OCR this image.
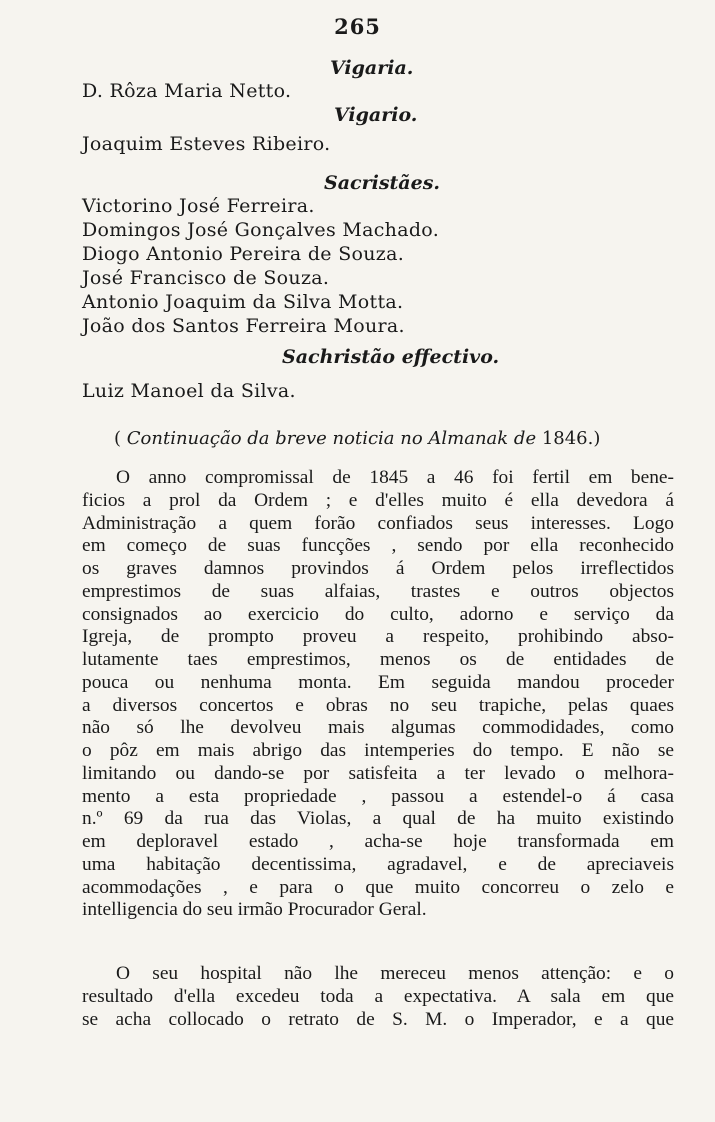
265
Vigaria.
D. Rôza Maria Netto.
Vigario.
Joaquim Esteves Ribeiro.
Sacristães.
Victorino José Ferreira.
Domingos José Gonçalves Machado.
Diogo Antonio Pereira de Souza.
José Francisco de Souza.
Antonio Joaquim da Silva Motta.
João dos Santos Ferreira Moura.
Sachristão effectivo.
Luiz Manoel da Silva.
( Continuação da breve noticia no Almanak de 1846.)
O anno compromissal de 1845 a 46 foi fertil em bene-
ficios a prol da Ordem ; e d'elles muito é ella devedora á
Administração a quem forão confiados seus interesses. Logo
em começo de suas funcções , sendo por ella reconhecido
os graves damnos provindos á Ordem pelos irreflectidos
emprestimos de suas alfaias, trastes e outros objectos
consignados ao exercicio do culto, adorno e serviço da
Igreja, de prompto proveu a respeito, prohibindo abso-
lutamente taes emprestimos, menos os de entidades de
pouca ou nenhuma monta. Em seguida mandou proceder
a diversos concertos e obras no seu trapiche, pelas quaes
não só lhe devolveu mais algumas commodidades, como
o pôz em mais abrigo das intemperies do tempo. E não se
limitando ou dando-se por satisfeita a ter levado o melhora-
mento a esta propriedade , passou a estendel-o á casa
n.º 69 da rua das Violas, a qual de ha muito existindo
em deploravel estado , acha-se hoje transformada em
uma habitação decentissima, agradavel, e de apreciaveis
acommodações , e para o que muito concorreu o zelo e
intelligencia do seu irmão Procurador Geral.
O seu hospital não lhe mereceu menos attenção: e o
resultado d'ella excedeu toda a expectativa. A sala em que
se acha collocado o retrato de S. M. o Imperador, e a que
